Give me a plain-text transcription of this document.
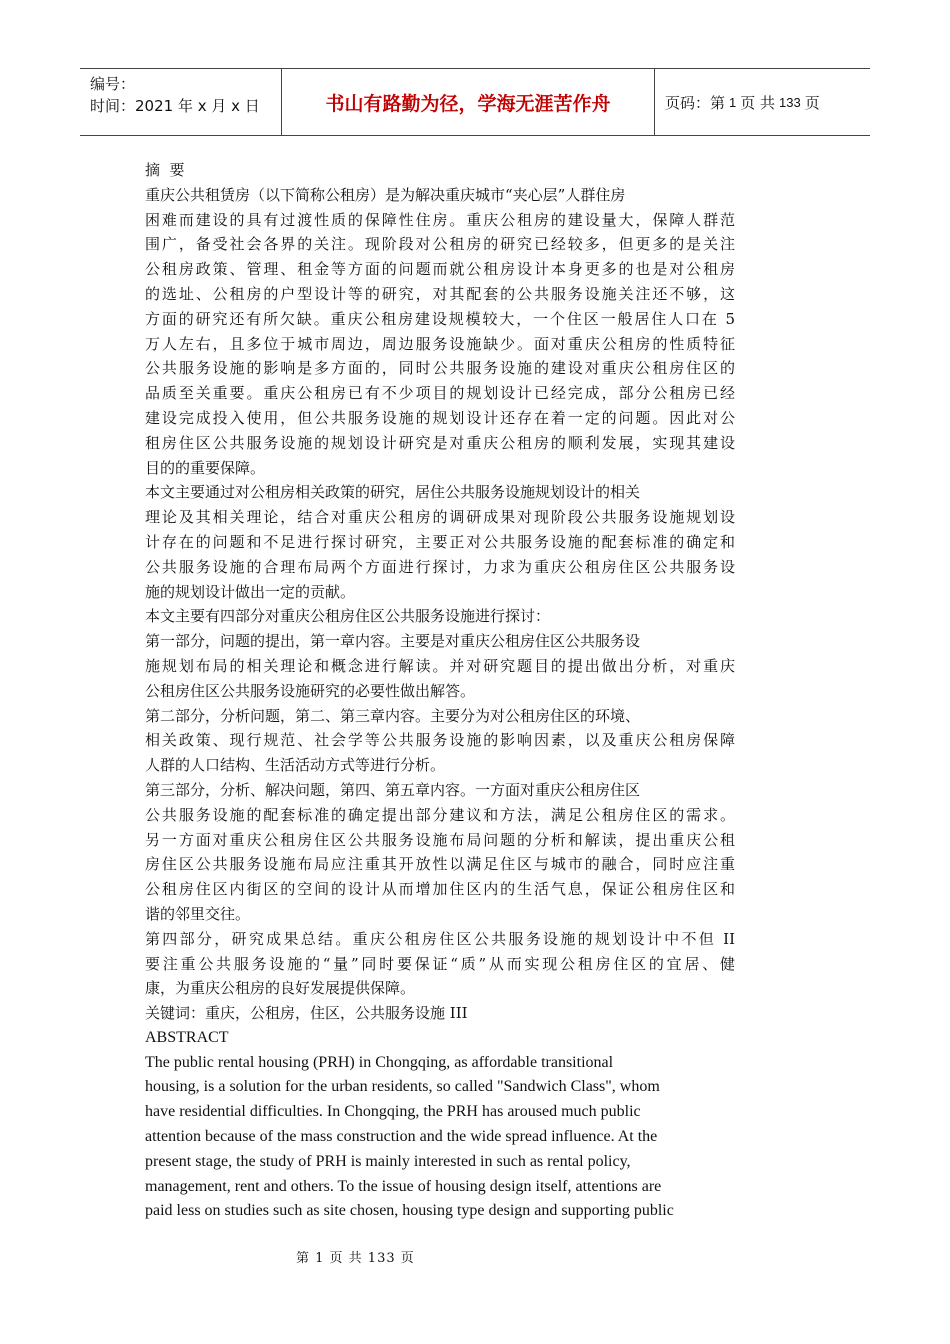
编号：
时间：2021 年 x 月 x 日	书山有路勤为径，学海无涯苦作舟	页码：第 1 页 共 133 页
摘  要
重庆公共租赁房（以下简称公租房）是为解决重庆城市“夹心层”人群住房
困难而建设的具有过渡性质的保障性住房。重庆公租房的建设量大，保障人群范
围广，备受社会各界的关注。现阶段对公租房的研究已经较多，但更多的是关注
公租房政策、管理、租金等方面的问题而就公租房设计本身更多的也是对公租房
的选址、公租房的户型设计等的研究，对其配套的公共服务设施关注还不够，这
方面的研究还有所欠缺。重庆公租房建设规模较大，一个住区一般居住人口在 5
万人左右，且多位于城市周边，周边服务设施缺少。面对重庆公租房的性质特征
公共服务设施的影响是多方面的，同时公共服务设施的建设对重庆公租房住区的
品质至关重要。重庆公租房已有不少项目的规划设计已经完成，部分公租房已经
建设完成投入使用，但公共服务设施的规划设计还存在着一定的问题。因此对公
租房住区公共服务设施的规划设计研究是对重庆公租房的顺利发展，实现其建设
目的的重要保障。
本文主要通过对公租房相关政策的研究，居住公共服务设施规划设计的相关
理论及其相关理论，结合对重庆公租房的调研成果对现阶段公共服务设施规划设
计存在的问题和不足进行探讨研究，主要正对公共服务设施的配套标准的确定和
公共服务设施的合理布局两个方面进行探讨，力求为重庆公租房住区公共服务设
施的规划设计做出一定的贡献。
本文主要有四部分对重庆公租房住区公共服务设施进行探讨：
第一部分，问题的提出，第一章内容。主要是对重庆公租房住区公共服务设
施规划布局的相关理论和概念进行解读。并对研究题目的提出做出分析，对重庆
公租房住区公共服务设施研究的必要性做出解答。
第二部分，分析问题，第二、第三章内容。主要分为对公租房住区的环境、
相关政策、现行规范、社会学等公共服务设施的影响因素，以及重庆公租房保障
人群的人口结构、生活活动方式等进行分析。
第三部分，分析、解决问题，第四、第五章内容。一方面对重庆公租房住区
公共服务设施的配套标准的确定提出部分建议和方法，满足公租房住区的需求。
另一方面对重庆公租房住区公共服务设施布局问题的分析和解读，提出重庆公租
房住区公共服务设施布局应注重其开放性以满足住区与城市的融合，同时应注重
公租房住区内街区的空间的设计从而增加住区内的生活气息，保证公租房住区和
谐的邻里交往。
第四部分，研究成果总结。重庆公租房住区公共服务设施的规划设计中不但 II
要注重公共服务设施的“量”同时要保证“质”从而实现公租房住区的宜居、健
康，为重庆公租房的良好发展提供保障。
关键词：重庆，公租房，住区，公共服务设施 III
ABSTRACT
The public rental housing (PRH) in Chongqing, as affordable transitional
housing, is a solution for the urban residents, so called "Sandwich Class", whom
have residential difficulties. In Chongqing, the PRH has aroused much public
attention because of the mass construction and the wide spread influence. At the
present stage, the study of PRH is mainly interested in such as rental policy,
management, rent and others. To the issue of housing design itself, attentions are
paid less on studies such as site chosen, housing type design and supporting public
第 1 页 共 133 页
